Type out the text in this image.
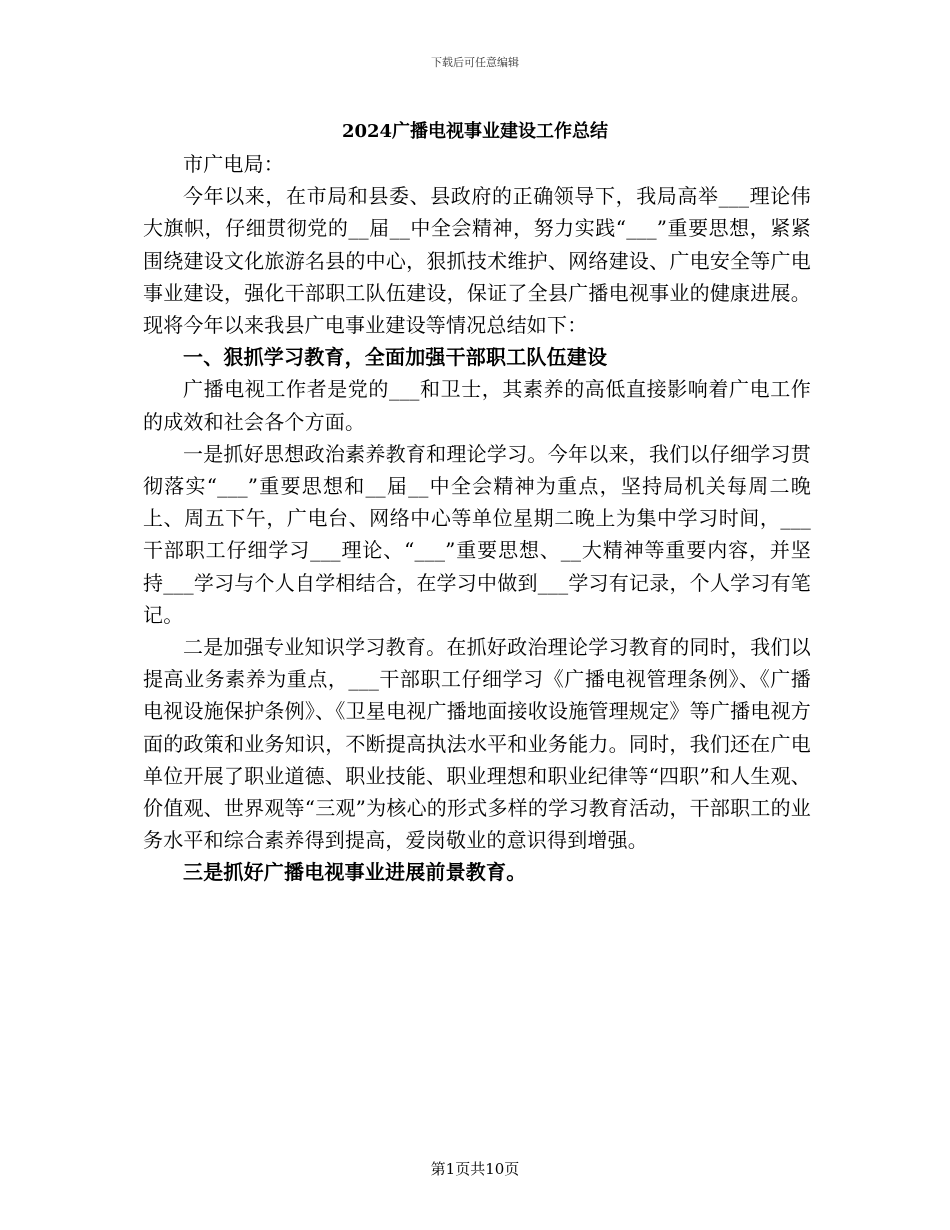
下载后可任意编辑
2024广播电视事业建设工作总结

市广电局：

今年以来，在市局和县委、县政府的正确领导下，我局高举___理论伟大旗帜，仔细贯彻党的__届__中全会精神，努力实践“___”重要思想，紧紧围绕建设文化旅游名县的中心，狠抓技术维护、网络建设、广电安全等广电事业建设，强化干部职工队伍建设，保证了全县广播电视事业的健康进展。现将今年以来我县广电事业建设等情况总结如下：

一、狠抓学习教育，全面加强干部职工队伍建设

广播电视工作者是党的___和卫士，其素养的高低直接影响着广电工作的成效和社会各个方面。

一是抓好思想政治素养教育和理论学习。今年以来，我们以仔细学习贯彻落实“___”重要思想和__届__中全会精神为重点，坚持局机关每周二晚上、周五下午，广电台、网络中心等单位星期二晚上为集中学习时间，___干部职工仔细学习___理论、“___”重要思想、__大精神等重要内容，并坚持___学习与个人自学相结合，在学习中做到___学习有记录，个人学习有笔记。

二是加强专业知识学习教育。在抓好政治理论学习教育的同时，我们以提高业务素养为重点，___干部职工仔细学习《广播电视管理条例》、《广播电视设施保护条例》、《卫星电视广播地面接收设施管理规定》等广播电视方面的政策和业务知识，不断提高执法水平和业务能力。同时，我们还在广电单位开展了职业道德、职业技能、职业理想和职业纪律等“四职”和人生观、价值观、世界观等“三观”为核心的形式多样的学习教育活动，干部职工的业务水平和综合素养得到提高，爱岗敬业的意识得到增强。

三是抓好广播电视事业进展前景教育。

第1页共10页
